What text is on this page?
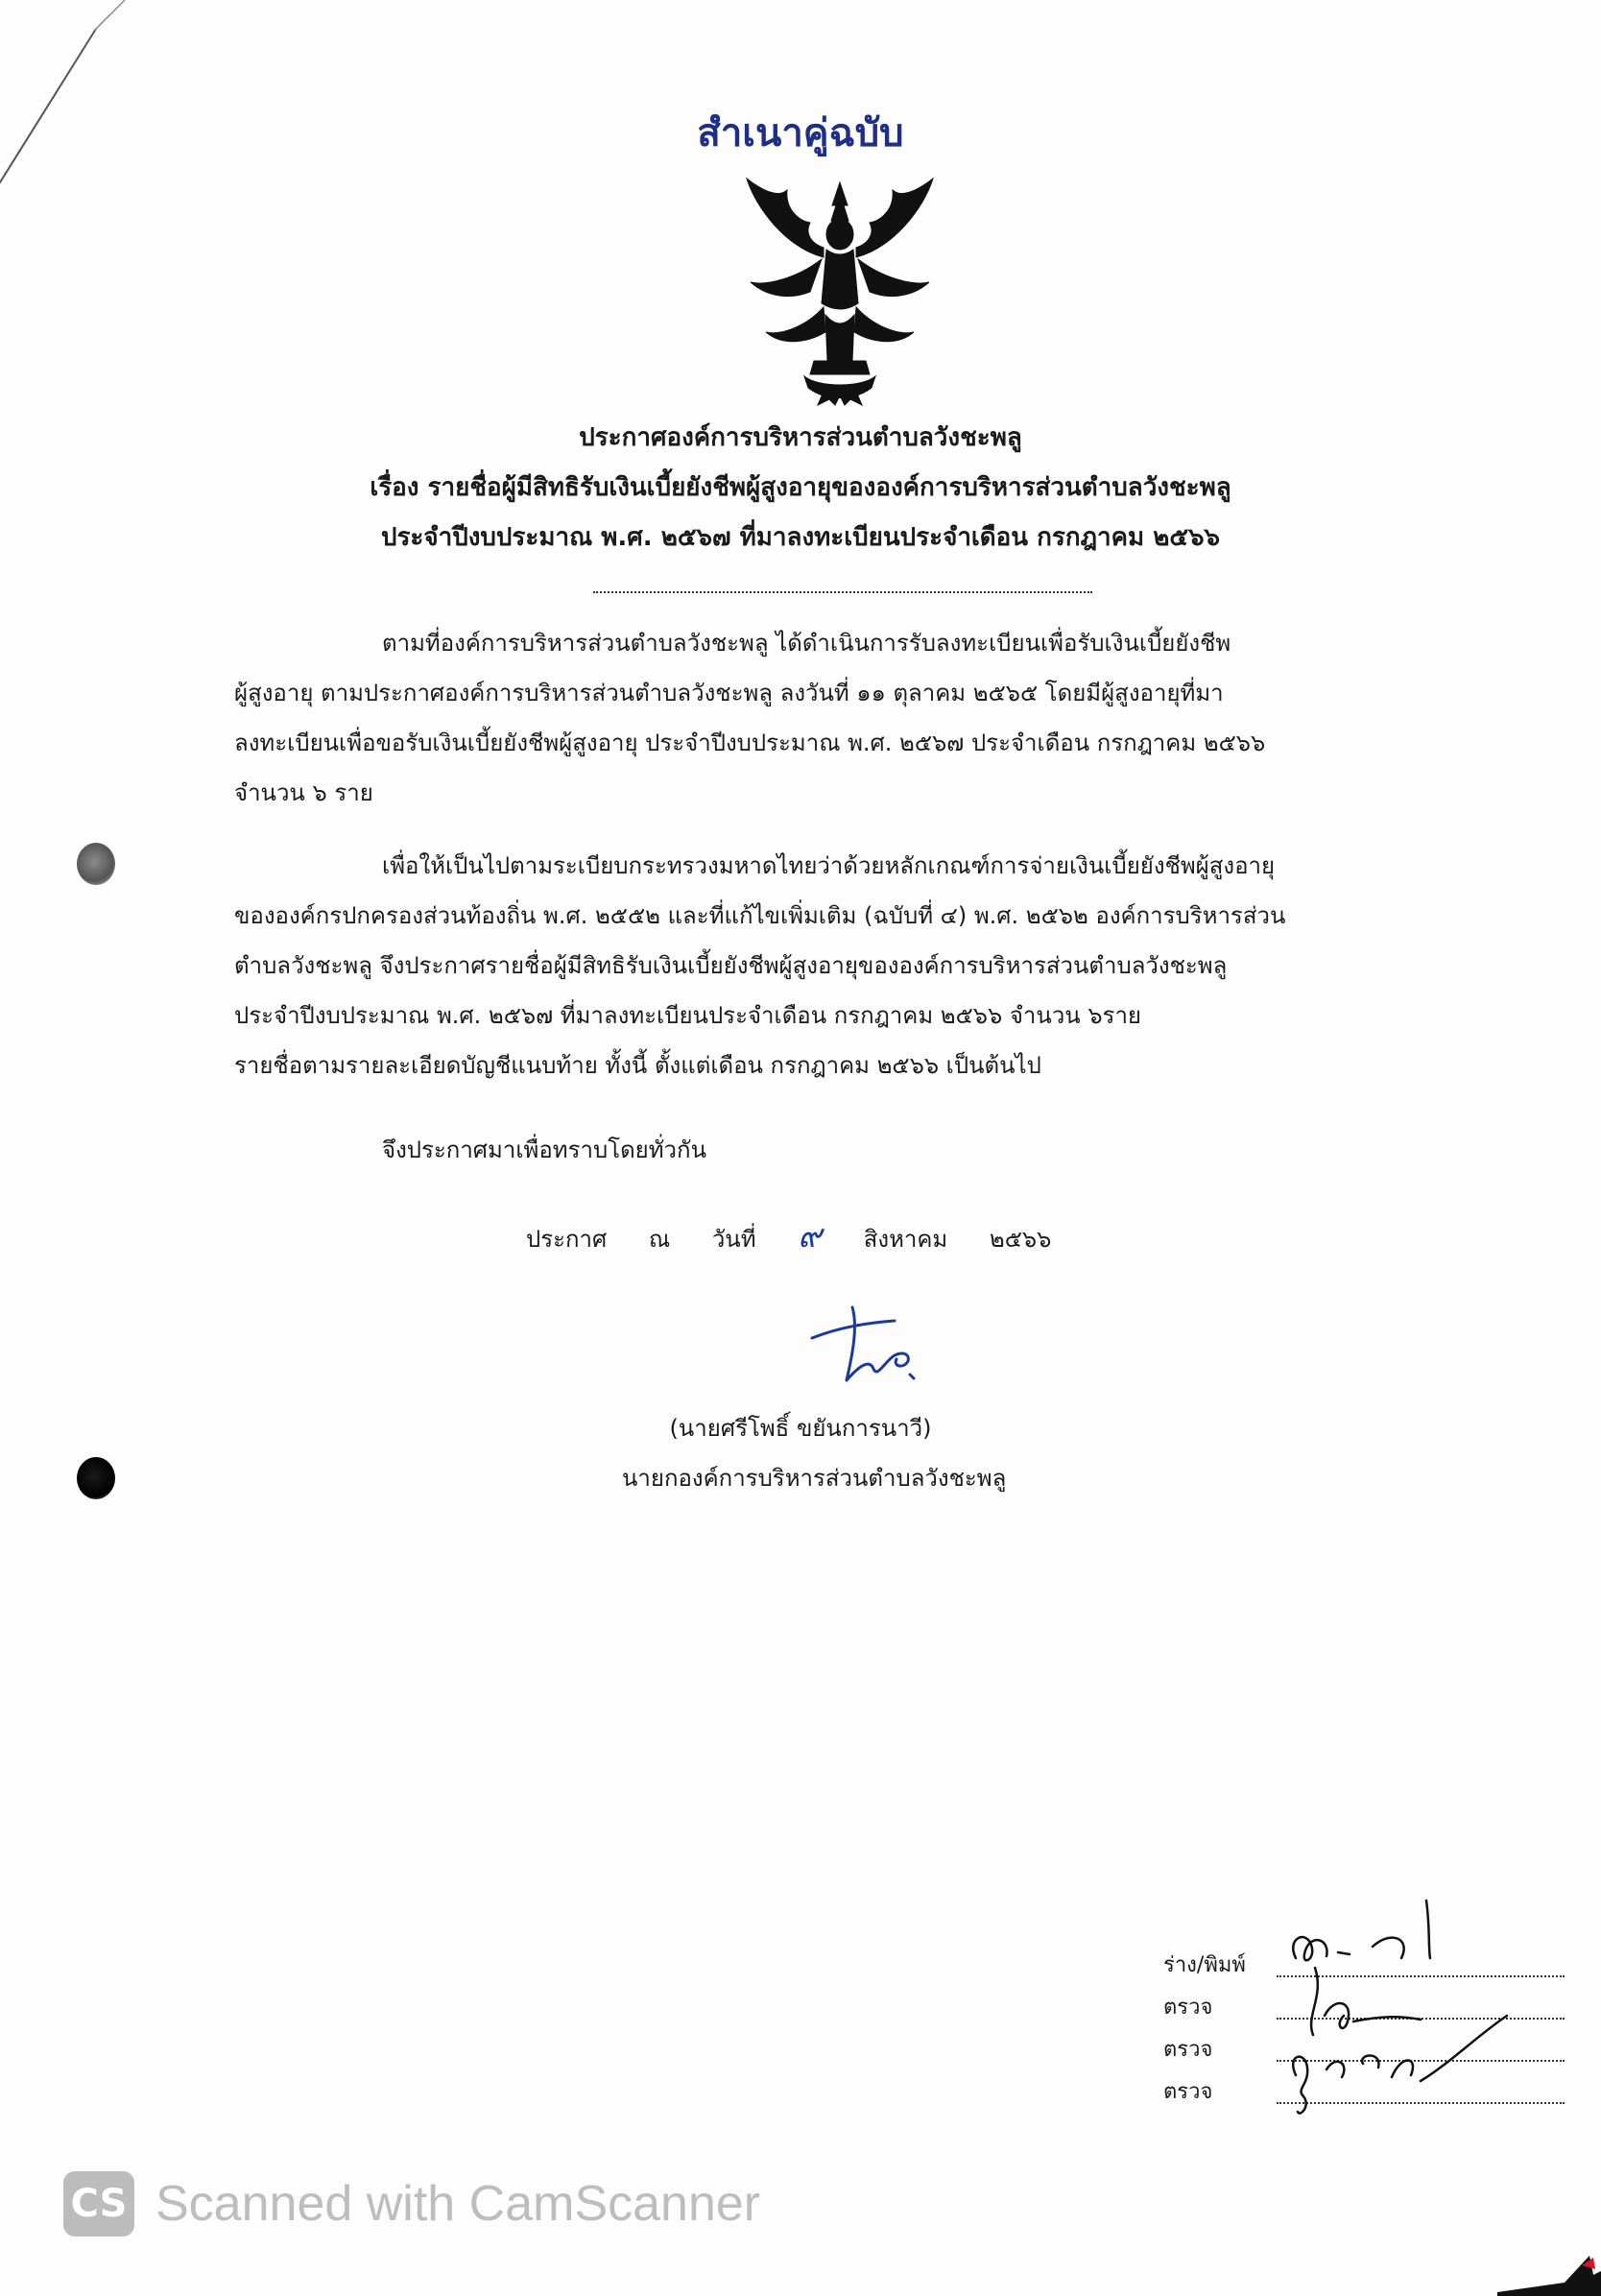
สำเนาคู่ฉบับ
ประกาศองค์การบริหารส่วนตำบลวังชะพลู
เรื่อง รายชื่อผู้มีสิทธิรับเงินเบี้ยยังชีพผู้สูงอายุขององค์การบริหารส่วนตำบลวังชะพลู
ประจำปีงบประมาณ พ.ศ. ๒๕๖๗ ที่มาลงทะเบียนประจำเดือน กรกฎาคม ๒๕๖๖
ตามที่องค์การบริหารส่วนตำบลวังชะพลู ได้ดำเนินการรับลงทะเบียนเพื่อรับเงินเบี้ยยังชีพ
ผู้สูงอายุ ตามประกาศองค์การบริหารส่วนตำบลวังชะพลู ลงวันที่ ๑๑ ตุลาคม ๒๕๖๕ โดยมีผู้สูงอายุที่มา
ลงทะเบียนเพื่อขอรับเงินเบี้ยยังชีพผู้สูงอายุ ประจำปีงบประมาณ พ.ศ. ๒๕๖๗ ประจำเดือน กรกฎาคม ๒๕๖๖
จำนวน ๖ ราย
เพื่อให้เป็นไปตามระเบียบกระทรวงมหาดไทยว่าด้วยหลักเกณฑ์การจ่ายเงินเบี้ยยังชีพผู้สูงอายุ
ขององค์กรปกครองส่วนท้องถิ่น พ.ศ. ๒๕๕๒ และที่แก้ไขเพิ่มเติม (ฉบับที่ ๔) พ.ศ. ๒๕๖๒ องค์การบริหารส่วน
ตำบลวังชะพลู จึงประกาศรายชื่อผู้มีสิทธิรับเงินเบี้ยยังชีพผู้สูงอายุขององค์การบริหารส่วนตำบลวังชะพลู
ประจำปีงบประมาณ พ.ศ. ๒๕๖๗ ที่มาลงทะเบียนประจำเดือน กรกฎาคม ๒๕๖๖ จำนวน ๖ราย
รายชื่อตามรายละเอียดบัญชีแนบท้าย ทั้งนี้ ตั้งแต่เดือน กรกฎาคม ๒๕๖๖ เป็นต้นไป
จึงประกาศมาเพื่อทราบโดยทั่วกัน
ประกาศ ณ วันที่ ๙ สิงหาคม ๒๕๖๖
(นายศรีโพธิ์ ขยันการนาวี)
นายกองค์การบริหารส่วนตำบลวังชะพลู
ร่าง/พิมพ์
ตรวจ
ตรวจ
ตรวจ
CS Scanned with CamScanner
